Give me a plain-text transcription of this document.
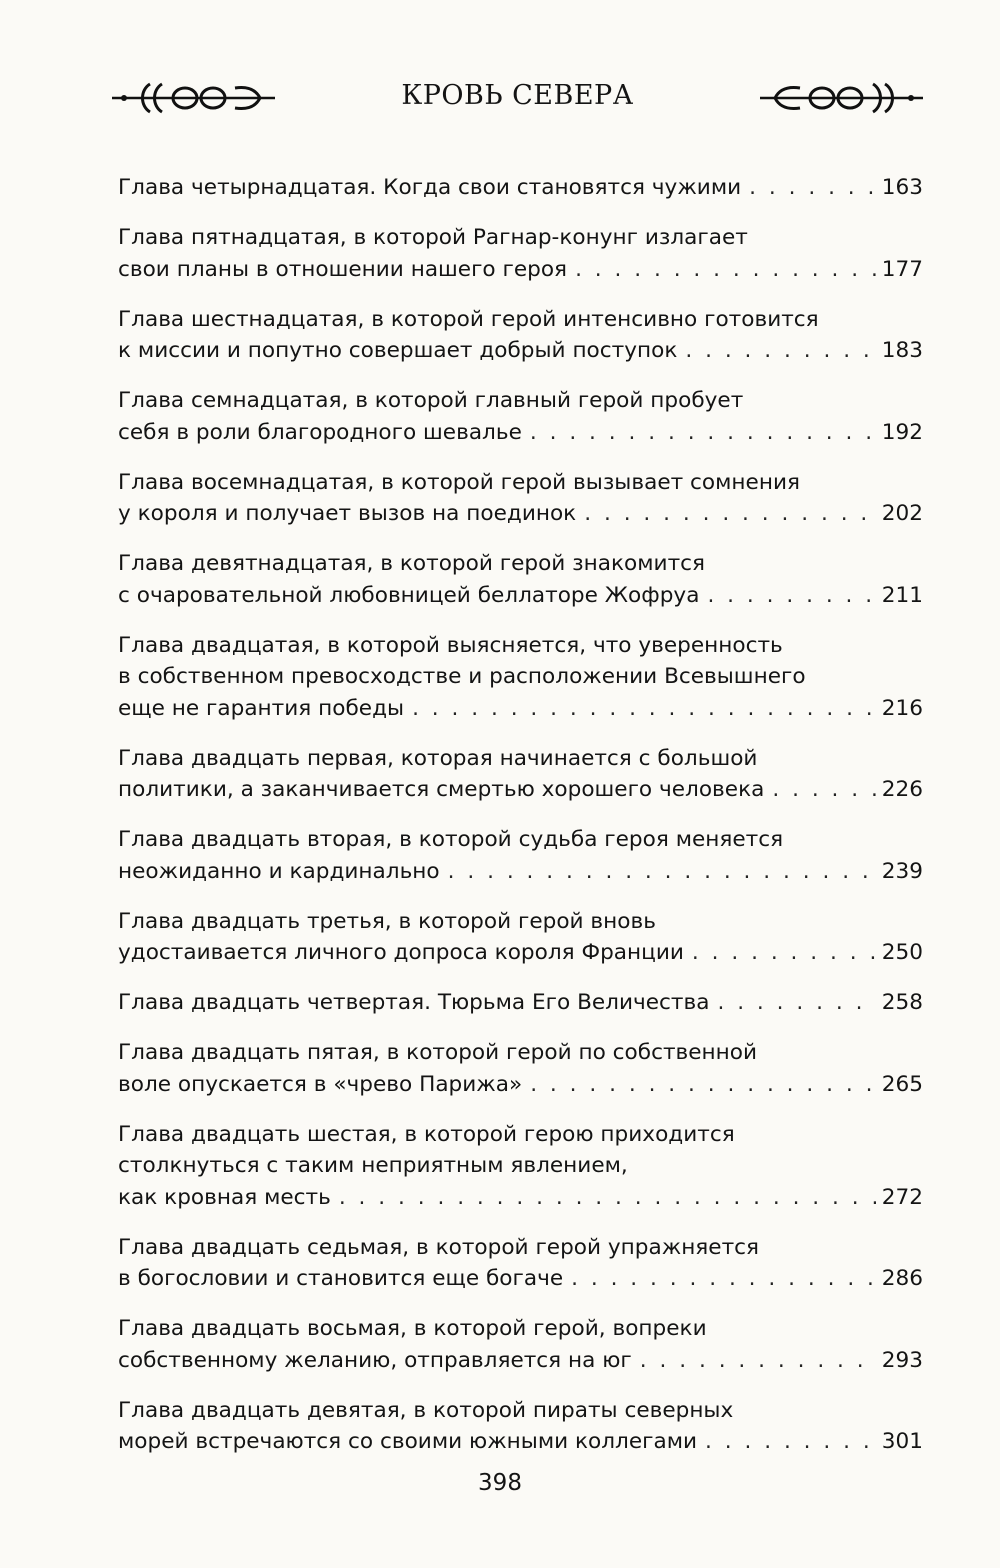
КРОВЬ СЕВЕРА
Глава четырнадцатая. Когда свои становятся чужими . . .	163
Глава пятнадцатая, в которой Рагнар-конунг излагает
свои планы в отношении нашего героя . . .	177
Глава шестнадцатая, в которой герой интенсивно готовится
к миссии и попутно совершает добрый поступок . . .	183
Глава семнадцатая, в которой главный герой пробует
себя в роли благородного шевалье . . .	192
Глава восемнадцатая, в которой герой вызывает сомнения
у короля и получает вызов на поединок . . .	202
Глава девятнадцатая, в которой герой знакомится
с очаровательной любовницей беллаторе Жофруа . . .	211
Глава двадцатая, в которой выясняется, что уверенность
в собственном превосходстве и расположении Всевышнего
еще не гарантия победы . . .	216
Глава двадцать первая, которая начинается с большой
политики, а заканчивается смертью хорошего человека . . .	226
Глава двадцать вторая, в которой судьба героя меняется
неожиданно и кардинально . . .	239
Глава двадцать третья, в которой герой вновь
удостаивается личного допроса короля Франции . . .	250
Глава двадцать четвертая. Тюрьма Его Величества . . .	258
Глава двадцать пятая, в которой герой по собственной
воле опускается в «чрево Парижа» . . .	265
Глава двадцать шестая, в которой герою приходится
столкнуться с таким неприятным явлением,
как кровная месть . . .	272
Глава двадцать седьмая, в которой герой упражняется
в богословии и становится еще богаче . . .	286
Глава двадцать восьмая, в которой герой, вопреки
собственному желанию, отправляется на юг . . .	293
Глава двадцать девятая, в которой пираты северных
морей встречаются со своими южными коллегами . . .	301
398
